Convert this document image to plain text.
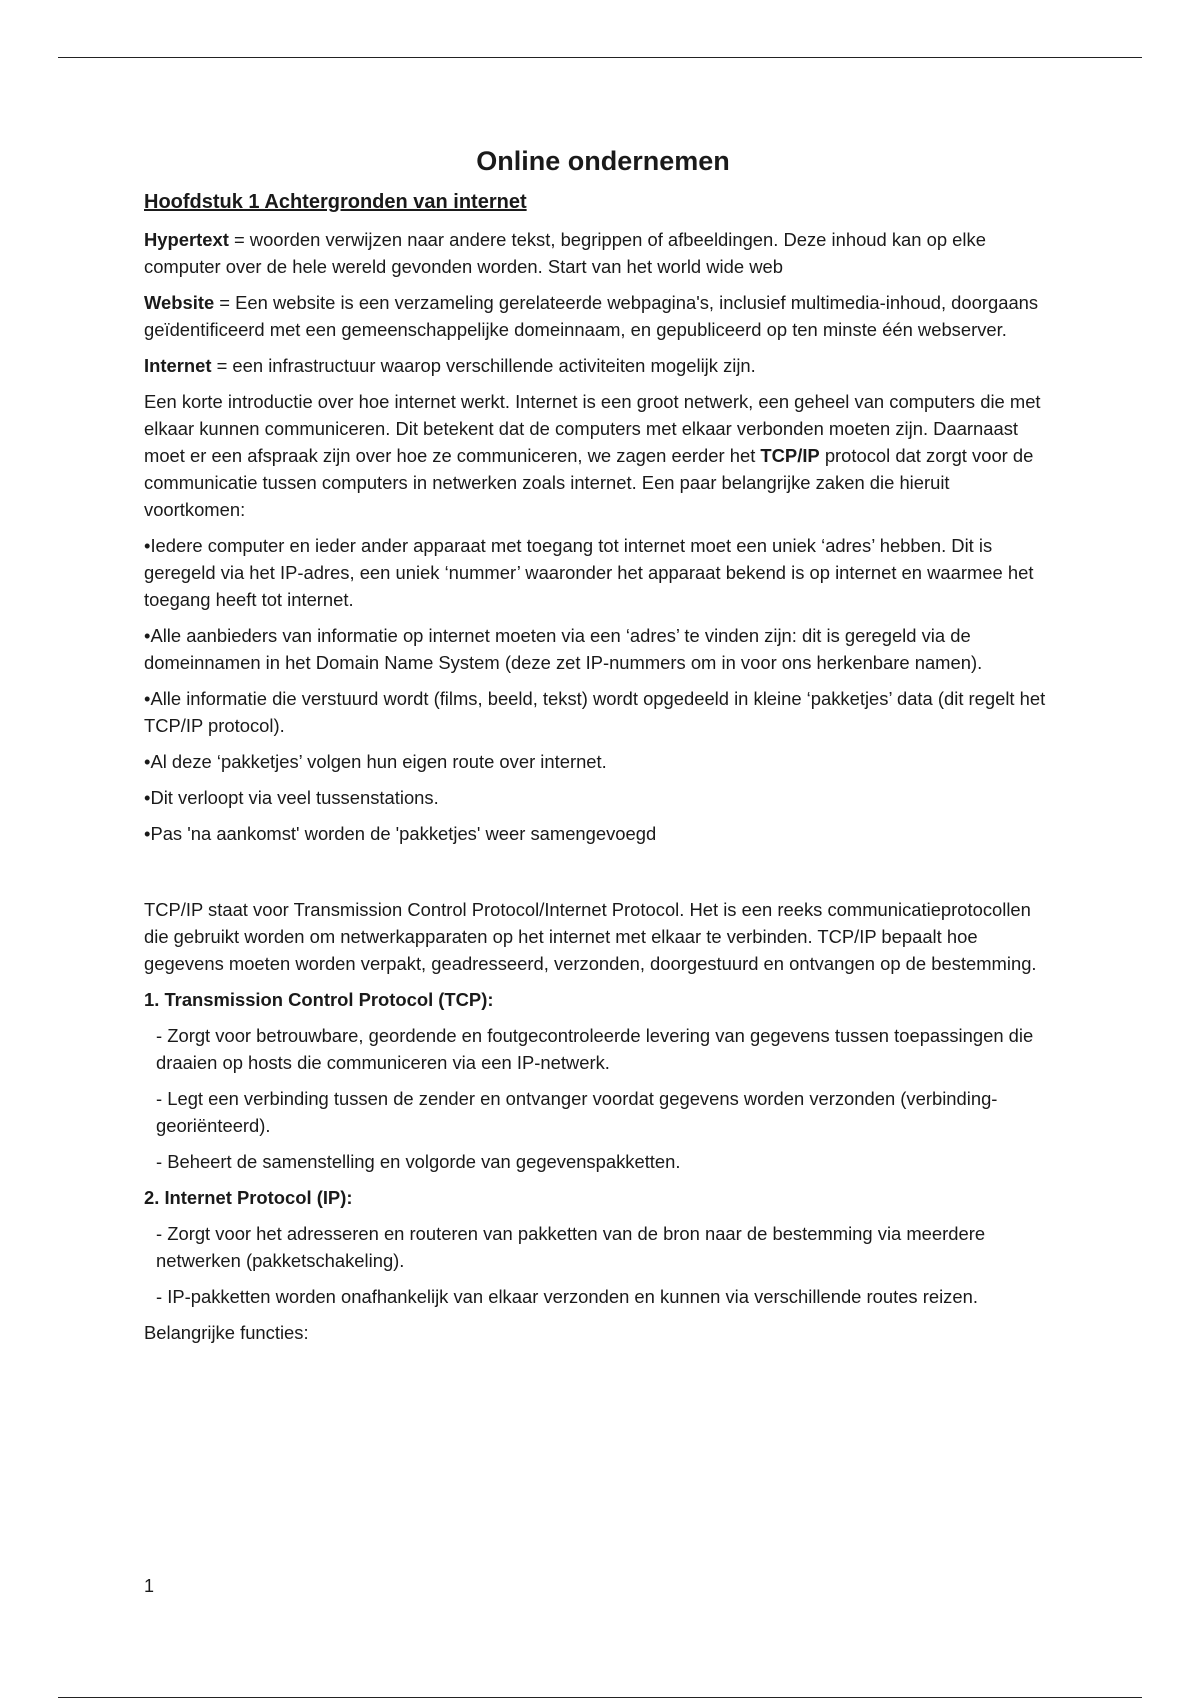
Online ondernemen
Hoofdstuk 1 Achtergronden van internet

Hypertext = woorden verwijzen naar andere tekst, begrippen of afbeeldingen. Deze inhoud kan op elke computer over de hele wereld gevonden worden. Start van het world wide web

Website = Een website is een verzameling gerelateerde webpagina's, inclusief multimedia-inhoud, doorgaans geïdentificeerd met een gemeenschappelijke domeinnaam, en gepubliceerd op ten minste één webserver.

Internet = een infrastructuur waarop verschillende activiteiten mogelijk zijn.

Een korte introductie over hoe internet werkt. Internet is een groot netwerk, een geheel van computers die met elkaar kunnen communiceren. Dit betekent dat de computers met elkaar verbonden moeten zijn. Daarnaast moet er een afspraak zijn over hoe ze communiceren, we zagen eerder het TCP/IP protocol dat zorgt voor de communicatie tussen computers in netwerken zoals internet. Een paar belangrijke zaken die hieruit voortkomen:

•Iedere computer en ieder ander apparaat met toegang tot internet moet een uniek ‘adres’ hebben. Dit is geregeld via het IP-adres, een uniek ‘nummer’ waaronder het apparaat bekend is op internet en waarmee het toegang heeft tot internet.

•Alle aanbieders van informatie op internet moeten via een ‘adres’ te vinden zijn: dit is geregeld via de domeinnamen in het Domain Name System (deze zet IP-nummers om in voor ons herkenbare namen).

•Alle informatie die verstuurd wordt (films, beeld, tekst) wordt opgedeeld in kleine ‘pakketjes’ data (dit regelt het TCP/IP protocol).

•Al deze ‘pakketjes’ volgen hun eigen route over internet.

•Dit verloopt via veel tussenstations.

•Pas 'na aankomst' worden de 'pakketjes' weer samengevoegd

TCP/IP staat voor Transmission Control Protocol/Internet Protocol. Het is een reeks communicatieprotocollen die gebruikt worden om netwerkapparaten op het internet met elkaar te verbinden. TCP/IP bepaalt hoe gegevens moeten worden verpakt, geadresseerd, verzonden, doorgestuurd en ontvangen op de bestemming.

1. Transmission Control Protocol (TCP):

- Zorgt voor betrouwbare, geordende en foutgecontroleerde levering van gegevens tussen toepassingen die draaien op hosts die communiceren via een IP-netwerk.

- Legt een verbinding tussen de zender en ontvanger voordat gegevens worden verzonden (verbinding-georiënteerd).

- Beheert de samenstelling en volgorde van gegevenspakketten.

2. Internet Protocol (IP):

- Zorgt voor het adresseren en routeren van pakketten van de bron naar de bestemming via meerdere netwerken (pakketschakeling).

- IP-pakketten worden onafhankelijk van elkaar verzonden en kunnen via verschillende routes reizen.

Belangrijke functies:

1
